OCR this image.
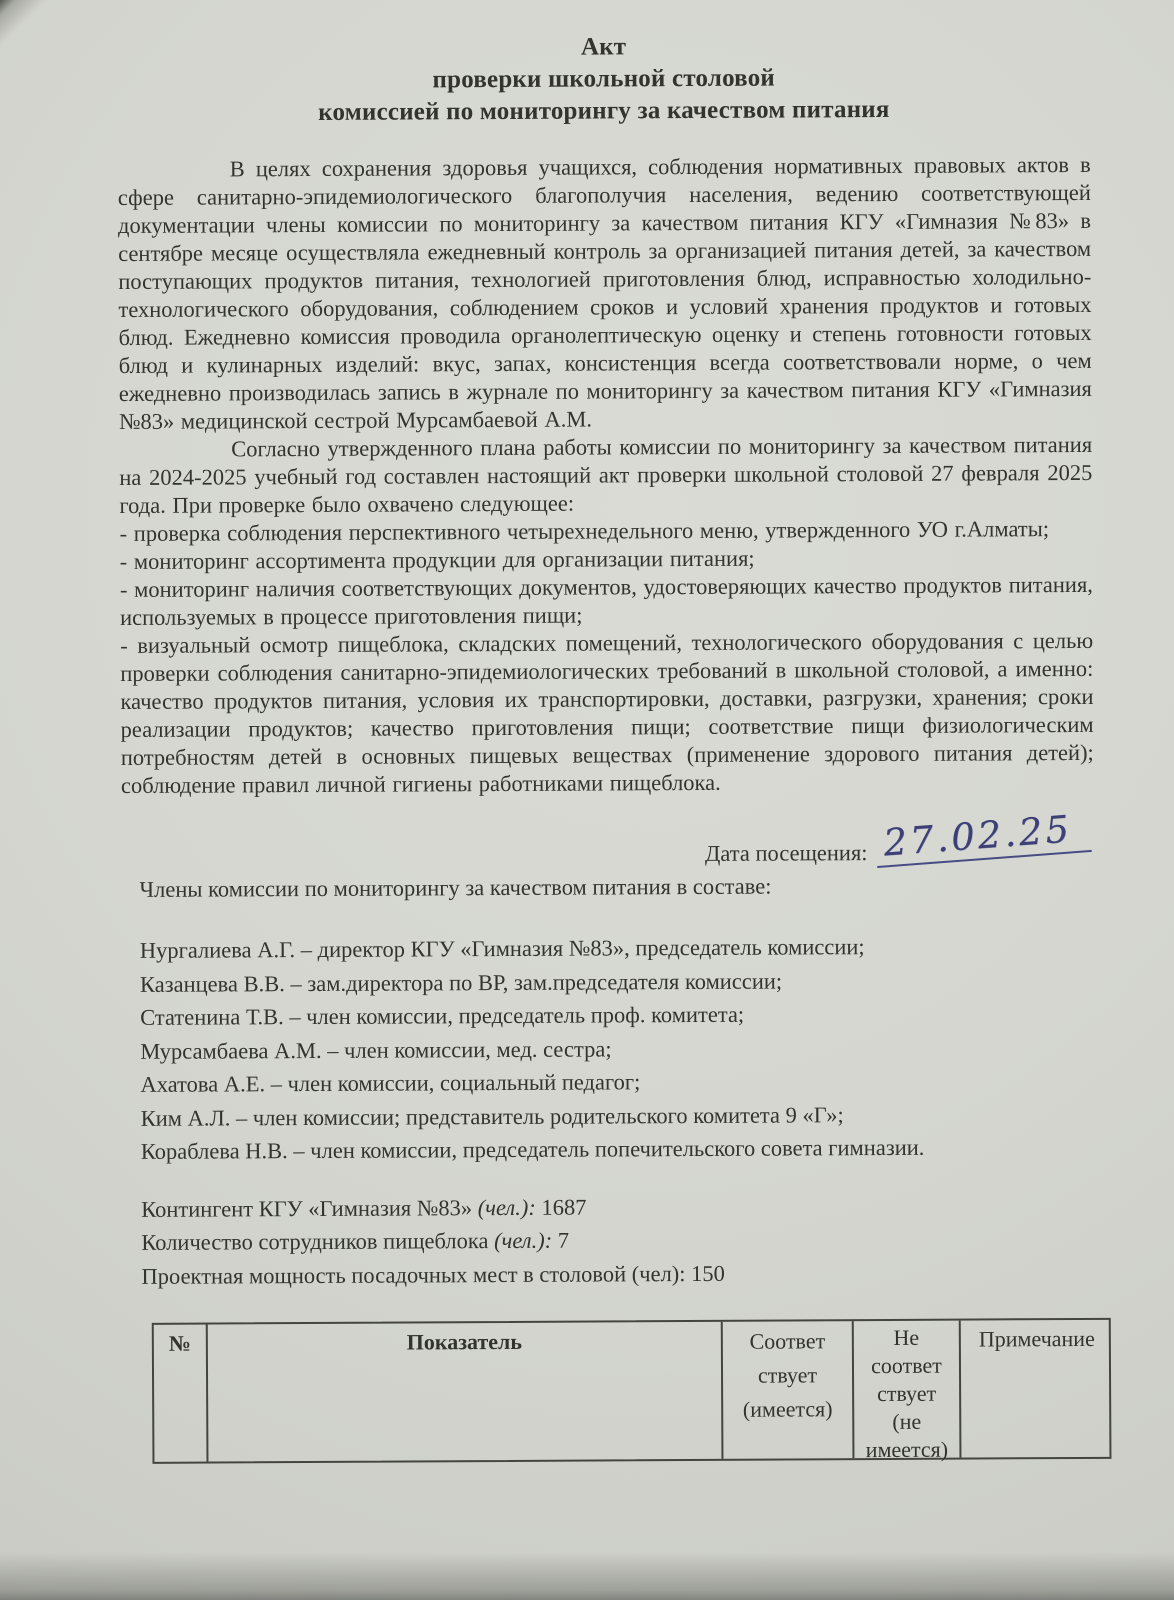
Акт
проверки школьной столовой
комиссией по мониторингу за качеством питания
В целях сохранения здоровья учащихся, соблюдения нормативных правовых актов в сфере санитарно-эпидемиологического благополучия населения, ведению соответствующей документации члены комиссии по мониторингу за качеством питания КГУ «Гимназия №83» в сентябре месяце осуществляла ежедневный контроль за организацией питания детей, за качеством поступающих продуктов питания, технологией приготовления блюд, исправностью холодильно-технологического оборудования, соблюдением сроков и условий хранения продуктов и готовых блюд. Ежедневно комиссия проводила органолептическую оценку и степень готовности готовых блюд и кулинарных изделий: вкус, запах, консистенция всегда соответствовали норме, о чем ежедневно производилась запись в журнале по мониторингу за качеством питания КГУ «Гимназия №83» медицинской сестрой Мурсамбаевой А.М.
Согласно утвержденного плана работы комиссии по мониторингу за качеством питания на 2024-2025 учебный год составлен настоящий акт проверки школьной столовой 27 февраля 2025 года. При проверке было охвачено следующее:
- проверка соблюдения перспективного четырехнедельного меню, утвержденного УО г.Алматы;
- мониторинг ассортимента продукции для организации питания;
- мониторинг наличия соответствующих документов, удостоверяющих качество продуктов питания, используемых в процессе приготовления пищи;
- визуальный осмотр пищеблока, складских помещений, технологического оборудования с целью проверки соблюдения санитарно-эпидемиологических требований в школьной столовой, а именно: качество продуктов питания, условия их транспортировки, доставки, разгрузки, хранения; сроки реализации продуктов; качество приготовления пищи; соответствие пищи физиологическим потребностям детей в основных пищевых веществах (применение здорового питания детей); соблюдение правил личной гигиены работниками пищеблока.
Дата посещения: 27.02.25
Члены комиссии по мониторингу за качеством питания в составе:
Нургалиева А.Г. – директор КГУ «Гимназия №83», председатель комиссии;
Казанцева В.В. – зам.директора по ВР, зам.председателя комиссии;
Статенина Т.В. – член комиссии, председатель проф. комитета;
Мурсамбаева А.М. – член комиссии, мед. сестра;
Ахатова А.Е. – член комиссии, социальный педагог;
Ким А.Л. – член комиссии; представитель родительского комитета 9 «Г»;
Кораблева Н.В. – член комиссии, председатель попечительского совета гимназии.
Контингент КГУ «Гимназия №83» (чел.): 1687
Количество сотрудников пищеблока (чел.): 7
Проектная мощность посадочных мест в столовой (чел): 150
№	Показатель	Соответ
ствует
(имеется)
Не
соответ
ствует
(не
имеется)
Примечание
